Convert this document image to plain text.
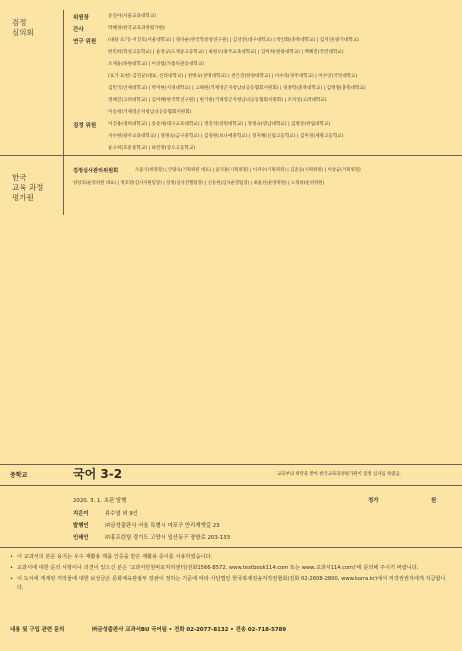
검정
심의회
위원장	송진아(서울교육대학교)
간사	박혜경(한국교육과정평가원)
연구 위원	(내용 표기) 이진호(서울대학교) | 정다운(한국학중앙연구원) | 김상진(대구대학교) | 박인화(충북대학교) | 김지연(광기대학교)
한민희(학성고등학교) | 윤정규(도계중고등학교) | 최원오(광주교육대학교) | 김미희(원광대학교) | 백혜진(국민대학교)
조재윤(목원대학교) | 이상엽(가톨릭관동대학교)
(표기·표현) 김민균(대표, 신라대학교) | 천병숙(상명대학교) | 천은진(한양대학교) | 이수라(경주대학교) | 이수연(국민대학교)
김민국(인제대학교) | 박미현(서경대학교) | 고태원(거제영곤지청남녀공동협회서원회) | 정종학(충북대학교) | 김정철(충북대학교)
정해진(고려대학교) | 김미혜(한국학연구원) | 변기원(거제영곤지청남녀공동협회서원회) | 조지연(고려대학교)
이송정(거제영곤지청남녀공동협회서원회)
검정 위원	이진용(경희대학교) | 송준세(대구교육대학교) | 정진석(강원대학교) | 정정숙(영남대학교) | 김병준(한림대학교)
서수현(광주교육대학교) | 정명숙(금구중학교) | 김경원(보나애중학교) | 정지혜(신림고등학교) | 김미정(세광고등학교)
윤구희(호문중학교) | 하민영(상오고등학교)
한국
교육 과정
평가원
검정심사관리위원회	조용기(위원장) | 안광숙(기획위원 대표) | 윤지훈(기획위원) | 이지수(기획위원) | 김준승(기획위원) | 이상균(기획위원)
양상호(운영위원 대표) | 정호영(심사지원팀장) | 장정(심사진행팀장) | 신동현(심사운영팀장) | 최윤선(운영위원) | 노형희(운영위원)
중학교	국어 3-2	교육부의 위탁을 받아 한국교육과정평가원이 검정 심사를 하였음.
2020. 3. 1. 초판 발행	정가	원
지은이	류수열 외 9인
발행인	㈜금성출판사 서울 특별시 마포구 만리재옛길 23
인쇄인	㈜홍프린팅 경기도 고양시 일산동구 장항로 203-133
• 이 교과서의 본문 용지는 우수 재활용 제품 인증을 받은 재활용 종이를 사용하였습니다.
• 교과서에 대한 문의 사항이나 의견이 있으신 분은 '교과서민원바로처리센터(전화1566-8572, www.textbook114.com 또는 www.교과서114.com)'에 문의해 주시기 바랍니다.
• 이 도서에 게재된 저작물에 대한 보상금은 문화체육관광부 장관이 정하는 기준에 따라 사단법인 한국복제전송저작권협회(전화 02-2608-2800, www.korra.kr)에서 저작권권자에게 지급합니다.
내용 및 구입 관련 문의	㈜금성출판사 교과서BU 국어팀 • 전화 02-2077-8132 • 전송 02-718-5789
